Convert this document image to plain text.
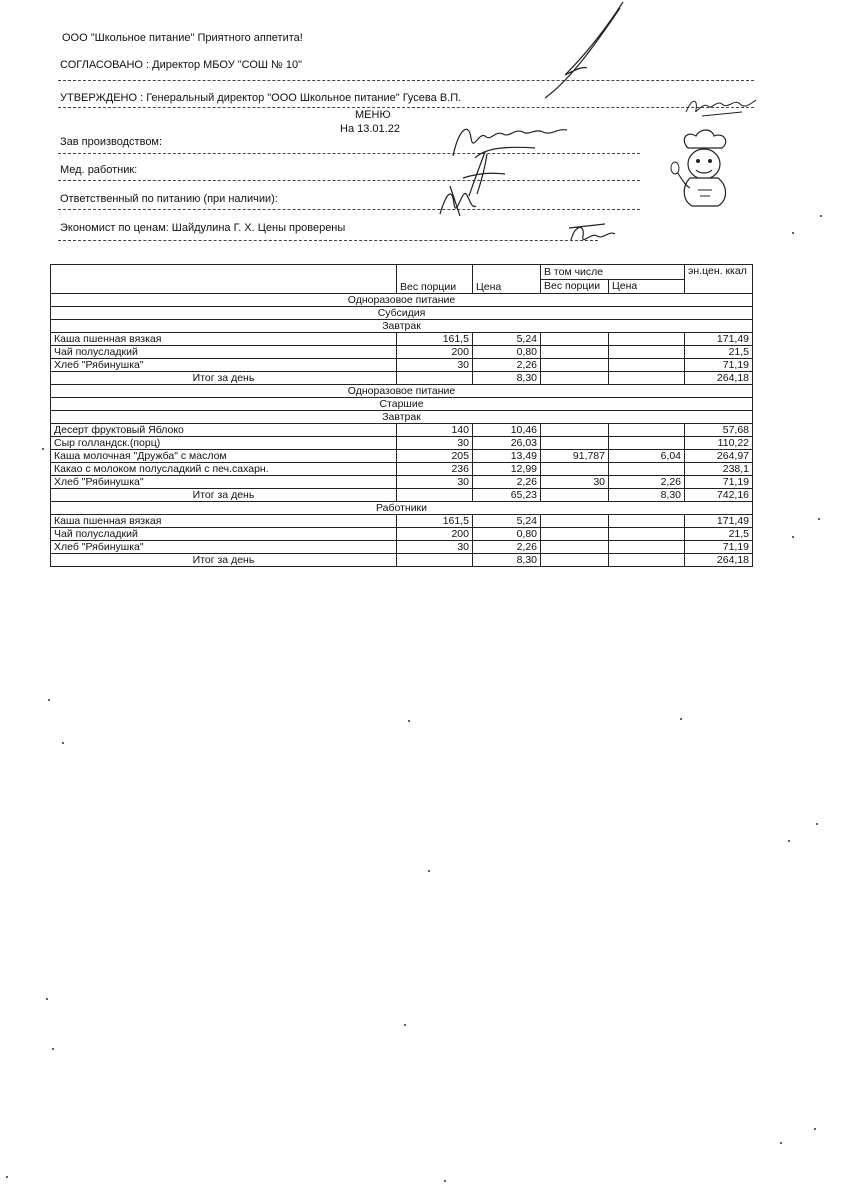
ООО "Школьное питание" Приятного аппетита!
СОГЛАСОВАНО : Директор МБОУ "СОШ № 10"
УТВЕРЖДЕНО : Генеральный директор "ООО Школьное питание" Гусева В.П.
МЕНЮ
На 13.01.22
Зав производством:
Мед. работник:
Ответственный по питанию (при наличии):
Экономист по ценам: Шайдулина Г. Х. Цены проверены
	Вес порции	Цена	В том числе		эн.цен. ккал
			Вес порции	Цена	
Одноразовое питание					
Субсидия					
Завтрак					
Каша пшенная вязкая	161,5	5,24			171,49
Чай полусладкий	200	0,80			21,5
Хлеб "Рябинушка"	30	2,26			71,19
Итог за день		8,30			264,18
Одноразовое питание					
Старшие					
Завтрак					
Десерт фруктовый Яблоко	140	10,46			57,68
Сыр голландск.(порц)	30	26,03			110,22
Каша молочная "Дружба" с маслом	205	13,49	91,787	6,04	264,97
Какао с молоком полусладкий с печ.сахарн.	236	12,99			238,1
Хлеб "Рябинушка"	30	2,26	30	2,26	71,19
Итог за день		65,23		8,30	742,16
Работники					
Каша пшенная вязкая	161,5	5,24			171,49
Чай полусладкий	200	0,80			21,5
Хлеб "Рябинушка"	30	2,26			71,19
Итог за день		8,30			264,18
